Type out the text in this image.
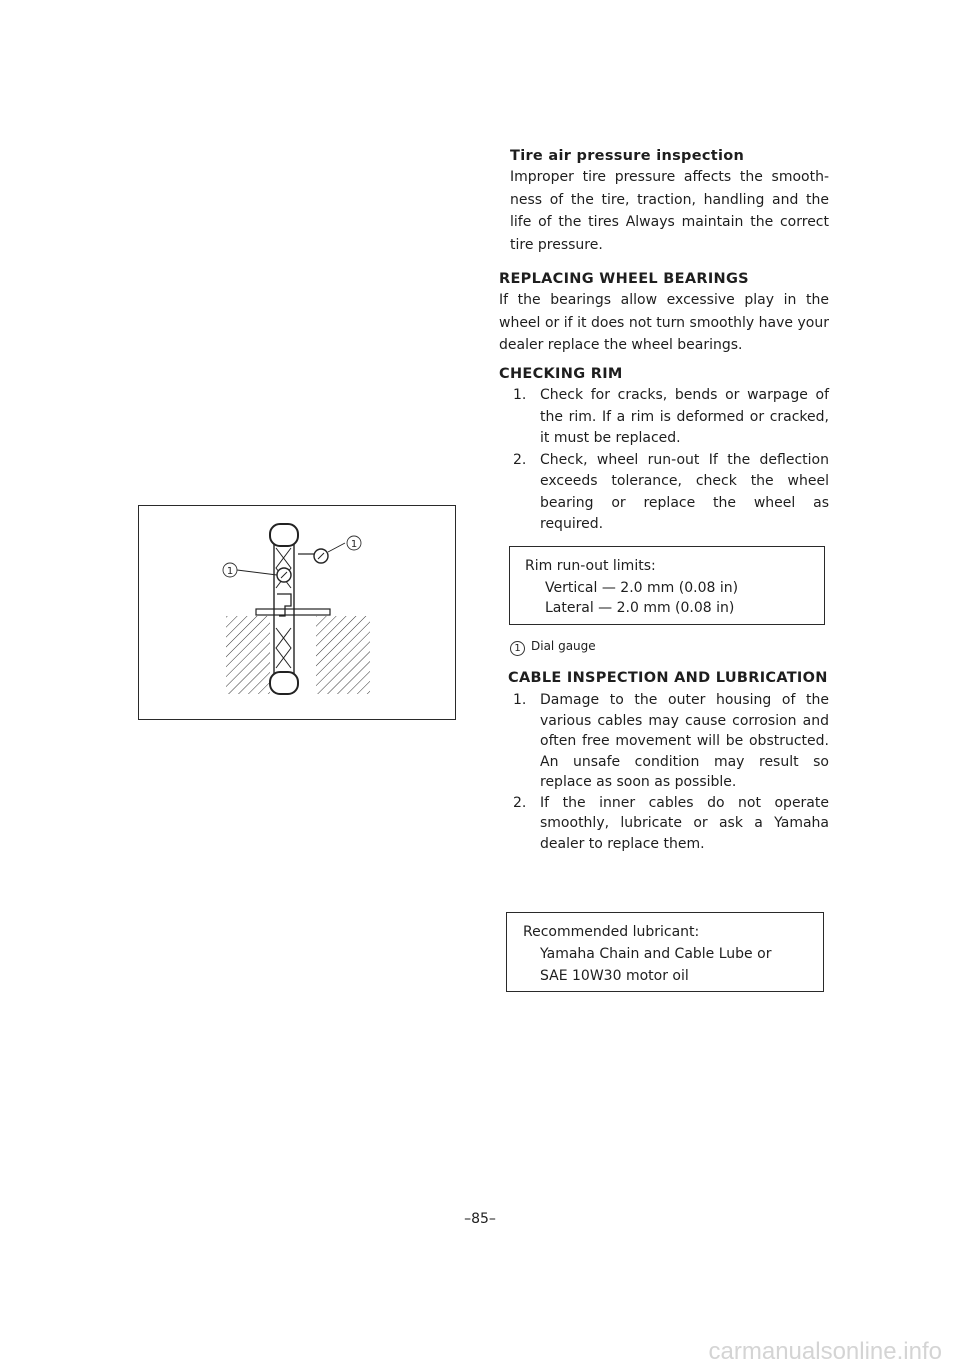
Tire air pressure inspection

Improper tire pressure affects the smooth-ness of the tire, traction, handling and the life of the tires Always maintain the correct tire pressure.

REPLACING WHEEL BEARINGS

If the bearings allow excessive play in the wheel or if it does not turn smoothly have your dealer replace the wheel bearings.

CHECKING RIM

1. Check for cracks, bends or warpage of the rim. If a rim is deformed or cracked, it must be replaced.
2. Check, wheel run-out If the deflection exceeds tolerance, check the wheel bearing or replace the wheel as required.
Rim run-out limits:
Vertical — 2.0 mm (0.08 in)
Lateral — 2.0 mm (0.08 in)
1 Dial gauge
1
1

CABLE INSPECTION AND LUBRICATION

1. Damage to the outer housing of the various cables may cause corrosion and often free movement will be obstructed. An unsafe condition may result so replace as soon as possible.
2. If the inner cables do not operate smoothly, lubricate or ask a Yamaha dealer to replace them.
Recommended lubricant:
Yamaha Chain and Cable Lube or
SAE 10W30 motor oil
–85–
carmanualsonline.info
